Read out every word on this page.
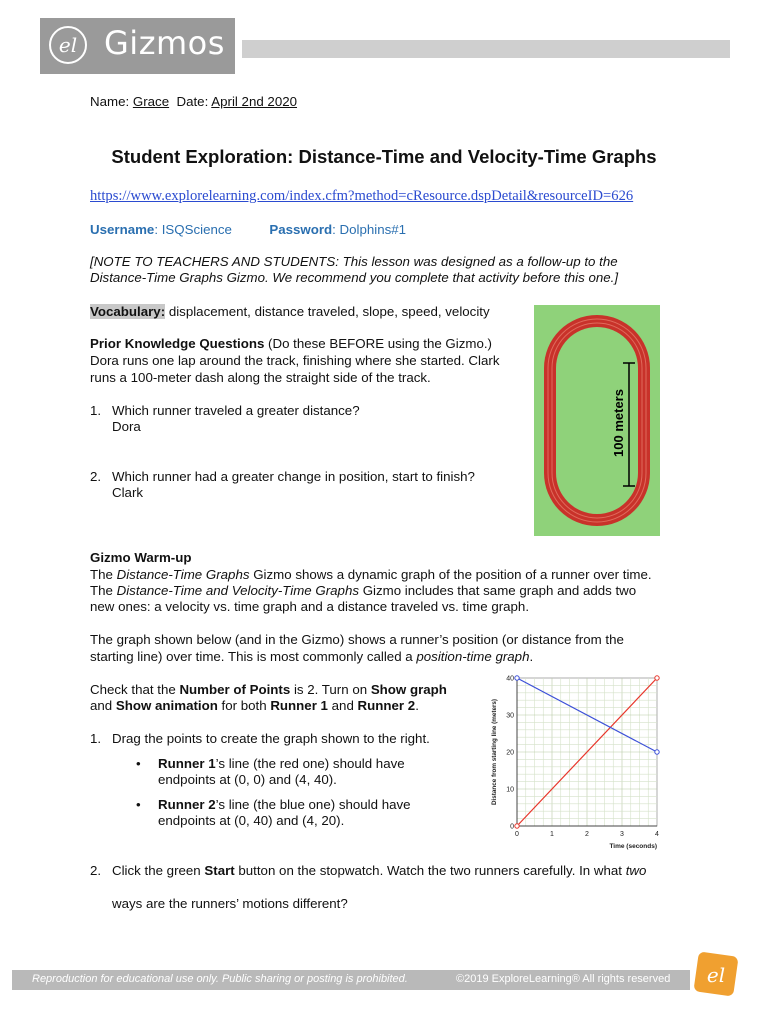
el Gizmos
Name: Grace Date: April 2nd 2020
Student Exploration: Distance-Time and Velocity-Time Graphs
https://www.explorelearning.com/index.cfm?method=cResource.dspDetail&resourceID=626
Username: ISQScience	Password: Dolphins#1
[NOTE TO TEACHERS AND STUDENTS: This lesson was designed as a follow-up to the
Distance-Time Graphs Gizmo. We recommend you complete that activity before this one.]
Vocabulary: displacement, distance traveled, slope, speed, velocity
Prior Knowledge Questions (Do these BEFORE using the Gizmo.)
Dora runs one lap around the track, finishing where she started. Clark
runs a 100-meter dash along the straight side of the track.
1. Which runner traveled a greater distance?
Dora
2. Which runner had a greater change in position, start to finish?
Clark
100 meters
Gizmo Warm-up
The Distance-Time Graphs Gizmo shows a dynamic graph of the position of a runner over time.
The Distance-Time and Velocity-Time Graphs Gizmo includes that same graph and adds two
new ones: a velocity vs. time graph and a distance traveled vs. time graph.
The graph shown below (and in the Gizmo) shows a runner’s position (or distance from the
starting line) over time. This is most commonly called a position-time graph.
Check that the Number of Points is 2. Turn on Show graph
and Show animation for both Runner 1 and Runner 2.
1. Drag the points to create the graph shown to the right.
• Runner 1’s line (the red one) should have
endpoints at (0, 0) and (4, 40).
• Runner 2’s line (the blue one) should have
endpoints at (0, 40) and (4, 20).
2. Click the green Start button on the stopwatch. Watch the two runners carefully. In what two
ways are the runners’ motions different?
0	1	2	3	4
0
10
20
30
40
Time (seconds)
Distance from starting line (meters)
Reproduction for educational use only. Public sharing or posting is prohibited.	©2019 ExploreLearning® All rights reserved el
